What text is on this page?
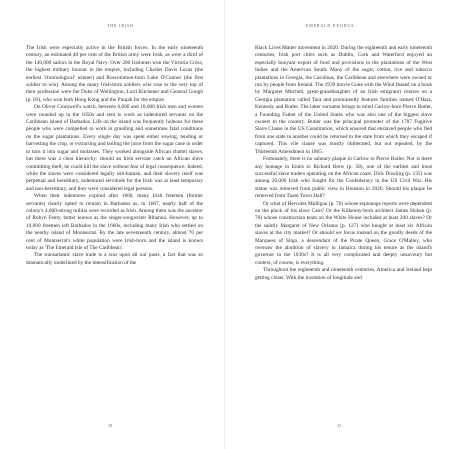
THE IRISH

The Irish were especially active in the British forces. In the early nineteenth century, an estimated 40 per cent of the British army were Irish, as were a third of the 140,000 sailors in the Royal Navy. Over 200 Irishmen won the Victoria Cross, the highest military honour in the empire, including Charles Davis Lucas (the earliest 'chronological' winner) and Roscommon-born Luke O'Connor (the first soldier to win). Among the many Irish-born soldiers who rose to the very top of their profession were the Duke of Wellington, Lord Kitchener and General Gough (p. 83), who won both Hong Kong and the Punjab for the empire.

On Oliver Cromwell's watch, between 6,000 and 10,000 Irish men and women were rounded up in the 1650s and sent to work as indentured servants on the Caribbean island of Barbados. Life on the island was frequently hideous for these people who were compelled to work in gruelling and sometimes fatal conditions on the sugar plantations. Every single day was spent either sowing, tending or harvesting the crop, or extracting and boiling the juice from the sugar cane in order to turn it into sugar and molasses. They worked alongside African chattel slaves, but there was a clear hierarchy: should an Irish servant catch an African slave committing theft, he could kill the slave without fear of legal consequence. Indeed, while the slaves were considered legally sub-human, and their slavery itself was perpetual and hereditary, indentured servitude for the Irish was at least temporary and non-hereditary, and they were considered legal persons.

When their indentures expired after 1660, many Irish freemen (former servants) clearly opted to remain in Barbados as, in 1667, nearly half of the colony's 4,000-strong militia were recorded as Irish. Among them was the ancestor of Robyn Fenty, better known as the singer-songwriter Rihanna. However, up to 10,000 freemen left Barbados in the 1660s, including many Irish who settled on the nearby island of Montserrat. By the late seventeenth century, almost 70 per cent of Montserrat's white population were Irish-born and the island is known today as 'The Emerald Isle of The Caribbean'.

The transatlantic slave trade is a scar upon all our pasts, a fact that was so dramatically underlined by the intensification of the

10
EMERALD EXODUS

Black Lives Matter movement in 2020. During the eighteenth and early nineteenth centuries, Irish port cities such as Dublin, Cork and Waterford enjoyed an especially buoyant export of food and provisions to the plantations of the West Indies and the American South. Many of the sugar, cotton, rice and tobacco plantations in Georgia, the Carolinas, the Caribbean and elsewhere were owned or run by people from Ireland. The 1939 movie Gone with the Wind (based on a book by Margaret Mitchell, great-granddaughter of an Irish emigrant) centres on a Georgia plantation called Tara and prominently features families named O'Hara, Kennedy and Butler. The latter surname brings to mind Carlow-born Pierce Butler, a Founding Father of the United States who was also one of the biggest slave owners in the country. Butler was the principal promoter of the 1787 Fugitive Slave Clause in the US Constitution, which ensured that enslaved people who fled from one state to another could be returned to the state from which they escaped if captured. This vile clause was mostly obliterated, but not repealed, by the Thirteenth Amendment in 1865.

Fortunately, there is no salutary plaque in Carlow to Pierce Butler. Nor is there any homage in Ennis to Richard Brew (p. 58), one of the earliest and most successful slave traders operating on the African coast. Dick Dowling (p. 135) was among 20,000 Irish who fought for the Confederacy in the US Civil War. His statue was removed from public view in Houston in 2020. Should his plaque be removed from Tuam Town Hall?

Or what of Hercules Mulligan (p. 70) whose espionage reports were dependent on the pluck of his slave Cato? Or the Kilkenny-born architect James Hoban (p. 76) whose construction team on the White House included at least 200 slaves? Or the saintly Margaret of New Orleans (p. 127) who bought at least six African slaves at the city market? Or should we focus instead on the goodly deeds of the Marquess of Sligo, a descendant of the Pirate Queen, Grace O'Malley, who oversaw the abolition of slavery in Jamaica during his tenure as the island's governor in the 1830s? It is all very complicated and deeply unsavoury but context, of course, is everything.

Throughout the eighteenth and nineteenth centuries, America and Ireland kept getting closer. With the invention of longitude and

11
